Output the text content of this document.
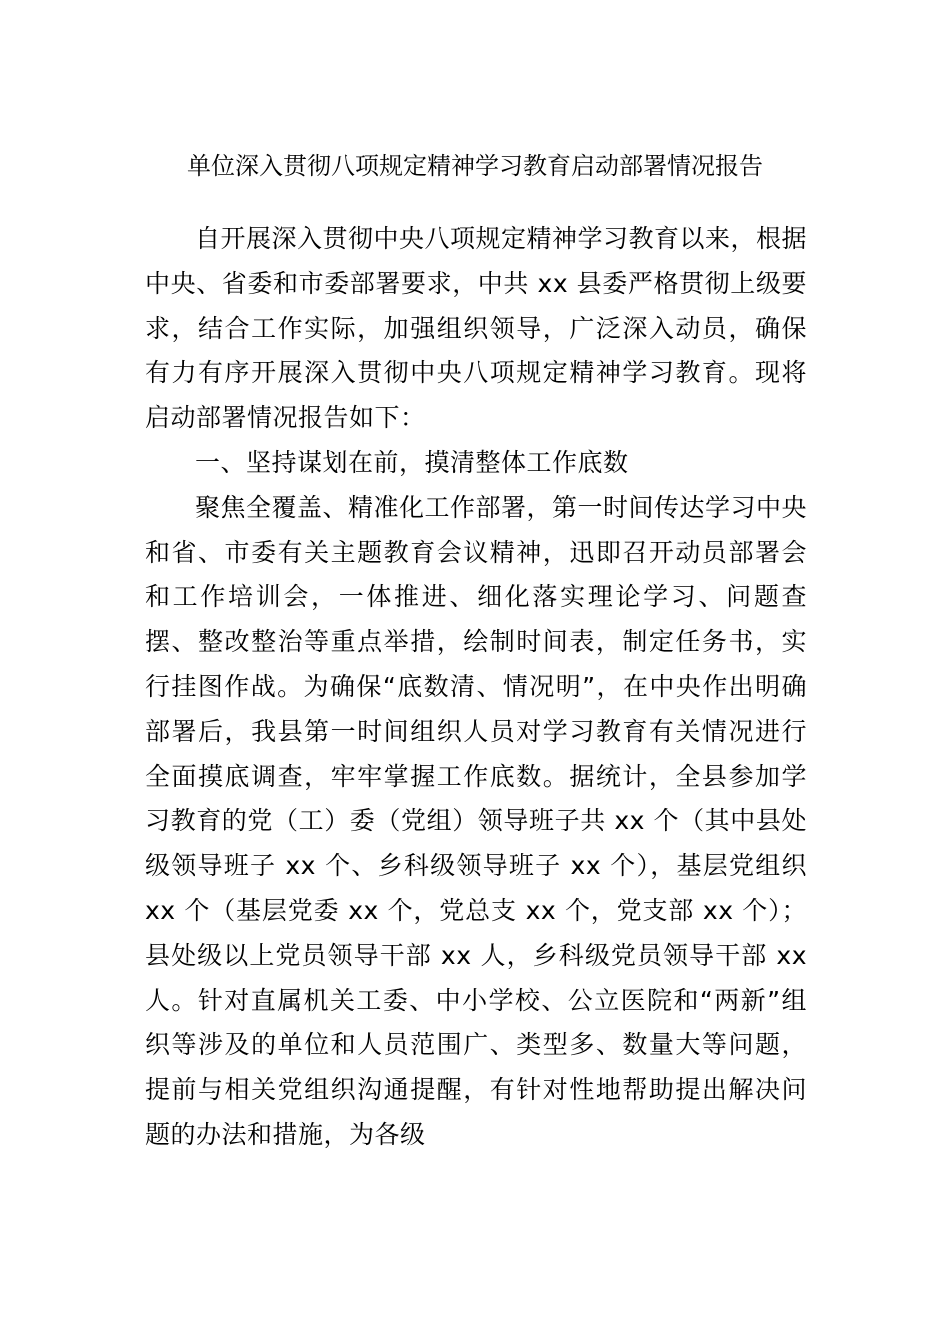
单位深入贯彻八项规定精神学习教育启动部署情况报告

自开展深入贯彻中央八项规定精神学习教育以来，根据中央、省委和市委部署要求，中共 xx 县委严格贯彻上级要求，结合工作实际，加强组织领导，广泛深入动员，确保有力有序开展深入贯彻中央八项规定精神学习教育。现将启动部署情况报告如下：

一、坚持谋划在前，摸清整体工作底数

聚焦全覆盖、精准化工作部署，第一时间传达学习中央和省、市委有关主题教育会议精神，迅即召开动员部署会和工作培训会，一体推进、细化落实理论学习、问题查摆、整改整治等重点举措，绘制时间表，制定任务书，实行挂图作战。为确保“底数清、情况明”，在中央作出明确部署后，我县第一时间组织人员对学习教育有关情况进行全面摸底调查，牢牢掌握工作底数。据统计，全县参加学习教育的党（工）委（党组）领导班子共 xx 个（其中县处级领导班子 xx 个、乡科级领导班子 xx 个），基层党组织 xx 个（基层党委 xx 个，党总支 xx 个，党支部 xx 个）；县处级以上党员领导干部 xx 人，乡科级党员领导干部 xx 人。针对直属机关工委、中小学校、公立医院和“两新”组织等涉及的单位和人员范围广、类型多、数量大等问题，提前与相关党组织沟通提醒，有针对性地帮助提出解决问题的办法和措施，为各级
